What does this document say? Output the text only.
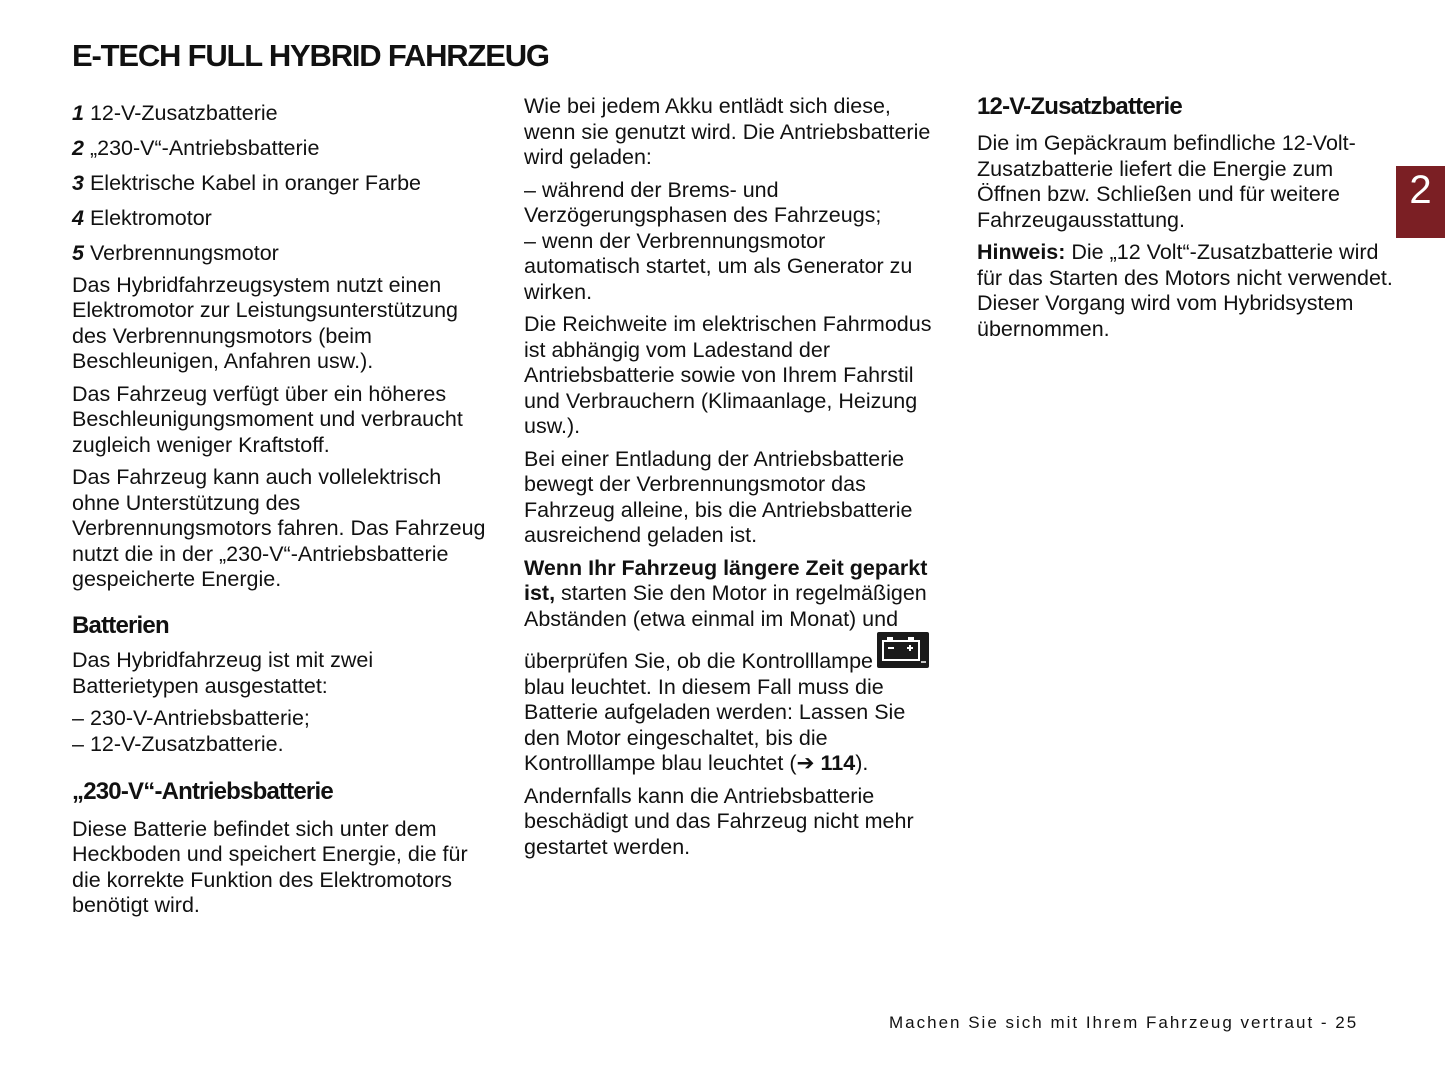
E-TECH FULL HYBRID FAHRZEUG
1 12-V-Zusatzbatterie
2 „230-V“-Antriebsbatterie
3 Elektrische Kabel in oranger Farbe
4 Elektromotor
5 Verbrennungsmotor

Das Hybridfahrzeugsystem nutzt einen Elektromotor zur Leistungsunterstützung des Verbrennungsmotors (beim Beschleunigen, Anfahren usw.).

Das Fahrzeug verfügt über ein höheres Beschleunigungsmoment und verbraucht zugleich weniger Kraftstoff.

Das Fahrzeug kann auch vollelektrisch ohne Unterstützung des Verbrennungsmotors fahren. Das Fahrzeug nutzt die in der „230-V“-Antriebsbatterie gespeicherte Energie.

Batterien

Das Hybridfahrzeug ist mit zwei Batterietypen ausgestattet:

– 230-V-Antriebsbatterie;
– 12-V-Zusatzbatterie.
„230-V“-Antriebsbatterie

Diese Batterie befindet sich unter dem Heckboden und speichert Energie, die für die korrekte Funktion des Elektromotors benötigt wird.

Wie bei jedem Akku entlädt sich diese, wenn sie genutzt wird. Die Antriebsbatterie wird geladen:

– während der Brems- und Verzögerungsphasen des Fahrzeugs;
– wenn der Verbrennungsmotor automatisch startet, um als Generator zu wirken.

Die Reichweite im elektrischen Fahrmodus ist abhängig vom Ladestand der Antriebsbatterie sowie von Ihrem Fahrstil und Verbrauchern (Klimaanlage, Heizung usw.).

Bei einer Entladung der Antriebsbatterie bewegt der Verbrennungsmotor das Fahrzeug alleine, bis die Antriebsbatterie ausreichend geladen ist.

Wenn Ihr Fahrzeug längere Zeit geparkt ist, starten Sie den Motor in regelmäßigen Abständen (etwa einmal im Monat) und überprüfen Sie, ob die Kontrolllampe
blau leuchtet. In diesem Fall muss die Batterie aufgeladen werden: Lassen Sie den Motor eingeschaltet, bis die Kontrolllampe blau leuchtet (➔ 114).

Andernfalls kann die Antriebsbatterie beschädigt und das Fahrzeug nicht mehr gestartet werden.

12-V-Zusatzbatterie

Die im Gepäckraum befindliche 12-Volt-Zusatzbatterie liefert die Energie zum Öffnen bzw. Schließen und für weitere Fahrzeugausstattung.

Hinweis: Die „12 Volt“-Zusatzbatterie wird für das Starten des Motors nicht verwendet. Dieser Vorgang wird vom Hybridsystem übernommen.

2
Machen Sie sich mit Ihrem Fahrzeug vertraut - 25
